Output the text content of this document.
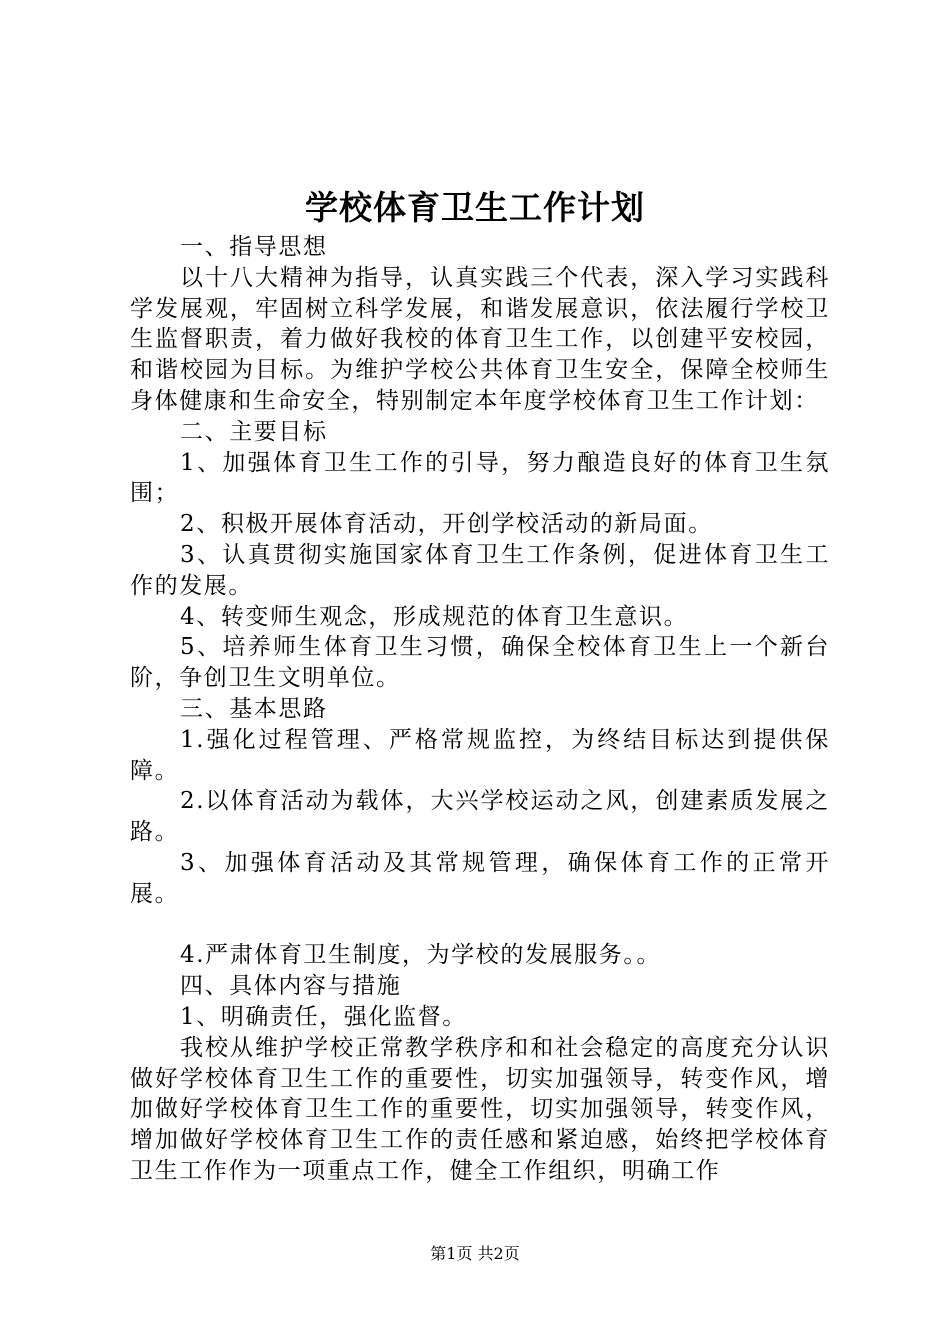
学校体育卫生工作计划

一、指导思想

以十八大精神为指导，认真实践三个代表，深入学习实践科学发展观，牢固树立科学发展，和谐发展意识，依法履行学校卫生监督职责，着力做好我校的体育卫生工作，以创建平安校园，和谐校园为目标。为维护学校公共体育卫生安全，保障全校师生身体健康和生命安全，特别制定本年度学校体育卫生工作计划：

二、主要目标

1、加强体育卫生工作的引导，努力酿造良好的体育卫生氛围；

2、积极开展体育活动，开创学校活动的新局面。

3、认真贯彻实施国家体育卫生工作条例，促进体育卫生工作的发展。

4、转变师生观念，形成规范的体育卫生意识。

5、培养师生体育卫生习惯，确保全校体育卫生上一个新台阶，争创卫生文明单位。

三、基本思路

1.强化过程管理、严格常规监控，为终结目标达到提供保障。

2.以体育活动为载体，大兴学校运动之风，创建素质发展之路。

3、加强体育活动及其常规管理，确保体育工作的正常开展。

4.严肃体育卫生制度，为学校的发展服务。。

四、具体内容与措施

1、明确责任，强化监督。

我校从维护学校正常教学秩序和和社会稳定的高度充分认识做好学校体育卫生工作的重要性，切实加强领导，转变作风，增加做好学校体育卫生工作的重要性，切实加强领导，转变作风，增加做好学校体育卫生工作的责任感和紧迫感，始终把学校体育卫生工作作为一项重点工作，健全工作组织，明确工作

第1页 共2页
